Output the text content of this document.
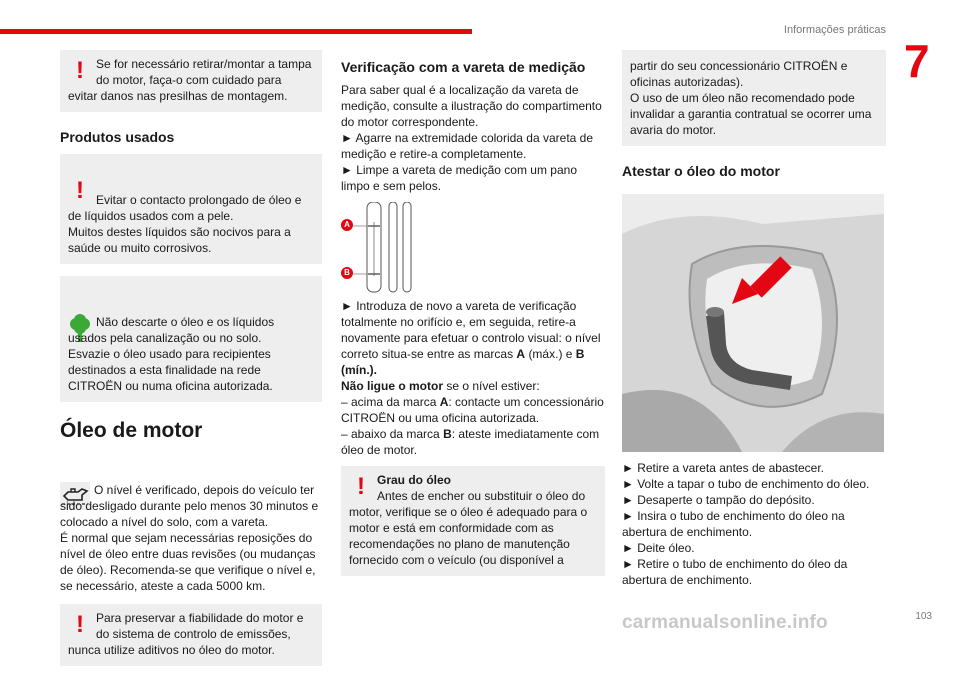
Informações práticas
7
!	Se for necessário retirar/montar a tampa do motor, faça-o com cuidado para evitar danos nas presilhas de montagem.
Produtos usados

!	Evitar o contacto prolongado de óleo e de líquidos usados com a pele.
Muitos destes líquidos são nocivos para a saúde ou muito corrosivos.

Não descarte o óleo e os líquidos usados pela canalização ou no solo.
Esvazie o óleo usado para recipientes destinados a esta finalidade na rede CITROËN ou numa oficina autorizada.

Óleo de motor

O nível é verificado, depois do veículo ter sido desligado durante pelo menos 30 minutos e colocado a nível do solo, com a vareta.
É normal que sejam necessárias reposições do nível de óleo entre duas revisões (ou mudanças de óleo). Recomenda-se que verifique o nível e, se necessário, ateste a cada 5000 km.

!	Para preservar a fiabilidade do motor e do sistema de controlo de emissões, nunca utilize aditivos no óleo do motor.
Verificação com a vareta de medição

Para saber qual é a localização da vareta de medição, consulte a ilustração do compartimento do motor correspondente.
► Agarre na extremidade colorida da vareta de medição e retire-a completamente.
► Limpe a vareta de medição com um pano limpo e sem pelos.

A
B
► Introduza de novo a vareta de verificação totalmente no orifício e, em seguida, retire-a novamente para efetuar o controlo visual: o nível correto situa-se entre as marcas A (máx.) e B (mín.).
Não ligue o motor se o nível estiver:
– acima da marca A: contacte um concessionário CITROËN ou uma oficina autorizada.
– abaixo da marca B: ateste imediatamente com óleo de motor.
!	Grau do óleo
Antes de encher ou substituir o óleo do motor, verifique se o óleo é adequado para o motor e está em conformidade com as recomendações no plano de manutenção fornecido com o veículo (ou disponível a
partir do seu concessionário CITROËN e oficinas autorizadas).
O uso de um óleo não recomendado pode invalidar a garantia contratual se ocorrer uma avaria do motor.
Atestar o óleo do motor

► Retire a vareta antes de abastecer.
► Volte a tapar o tubo de enchimento do óleo.
► Desaperte o tampão do depósito.
► Insira o tubo de enchimento do óleo na abertura de enchimento.
► Deite óleo.
► Retire o tubo de enchimento do óleo da abertura de enchimento.

103
carmanualsonline.info
